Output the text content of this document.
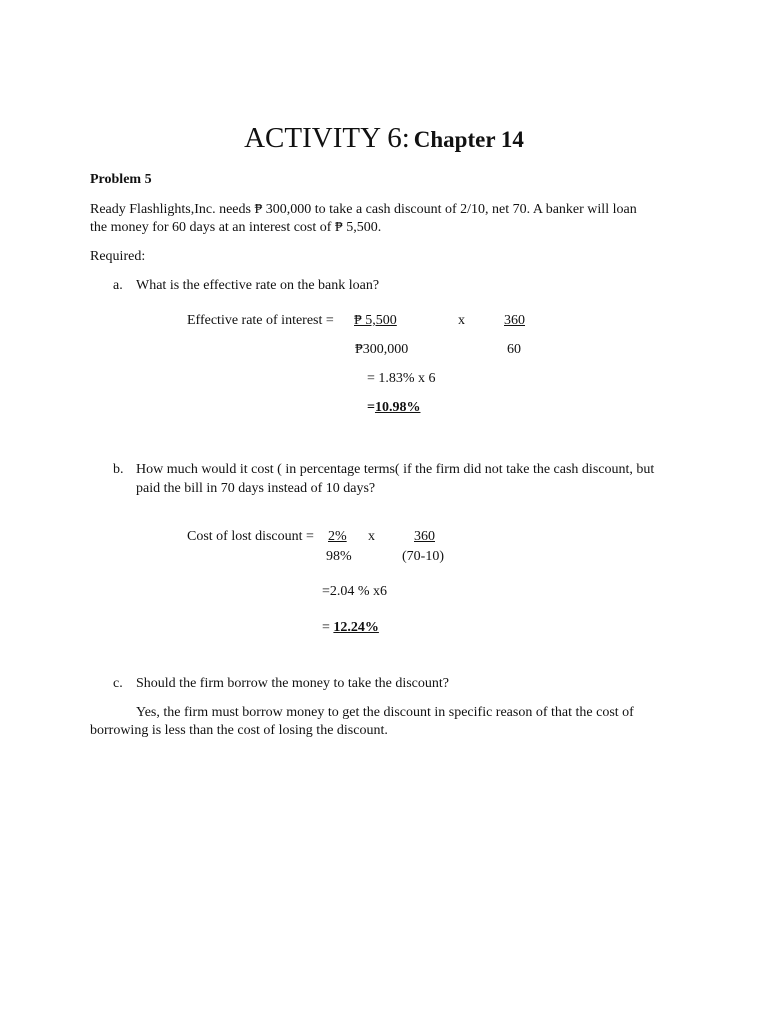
ACTIVITY 6: Chapter 14
Problem 5
Ready Flashlights,Inc. needs ₱ 300,000 to take a cash discount of 2/10, net 70. A banker will loan
the money for 60 days at an interest cost of ₱ 5,500.
Required:
a. What is the effective rate on the bank loan?
Effective rate of interest = ₱ 5,500	x	360
₱300,000	60
= 1.83% x 6
=10.98%
b. How much would it cost ( in percentage terms( if the firm did not take the cash discount, but
paid the bill in 70 days instead of 10 days?
Cost of lost discount = 2% x	360
98%	(70-10)
=2.04 % x6
= 12.24%
c. Should the firm borrow the money to take the discount?
Yes, the firm must borrow money to get the discount in specific reason of that the cost of
borrowing is less than the cost of losing the discount.
